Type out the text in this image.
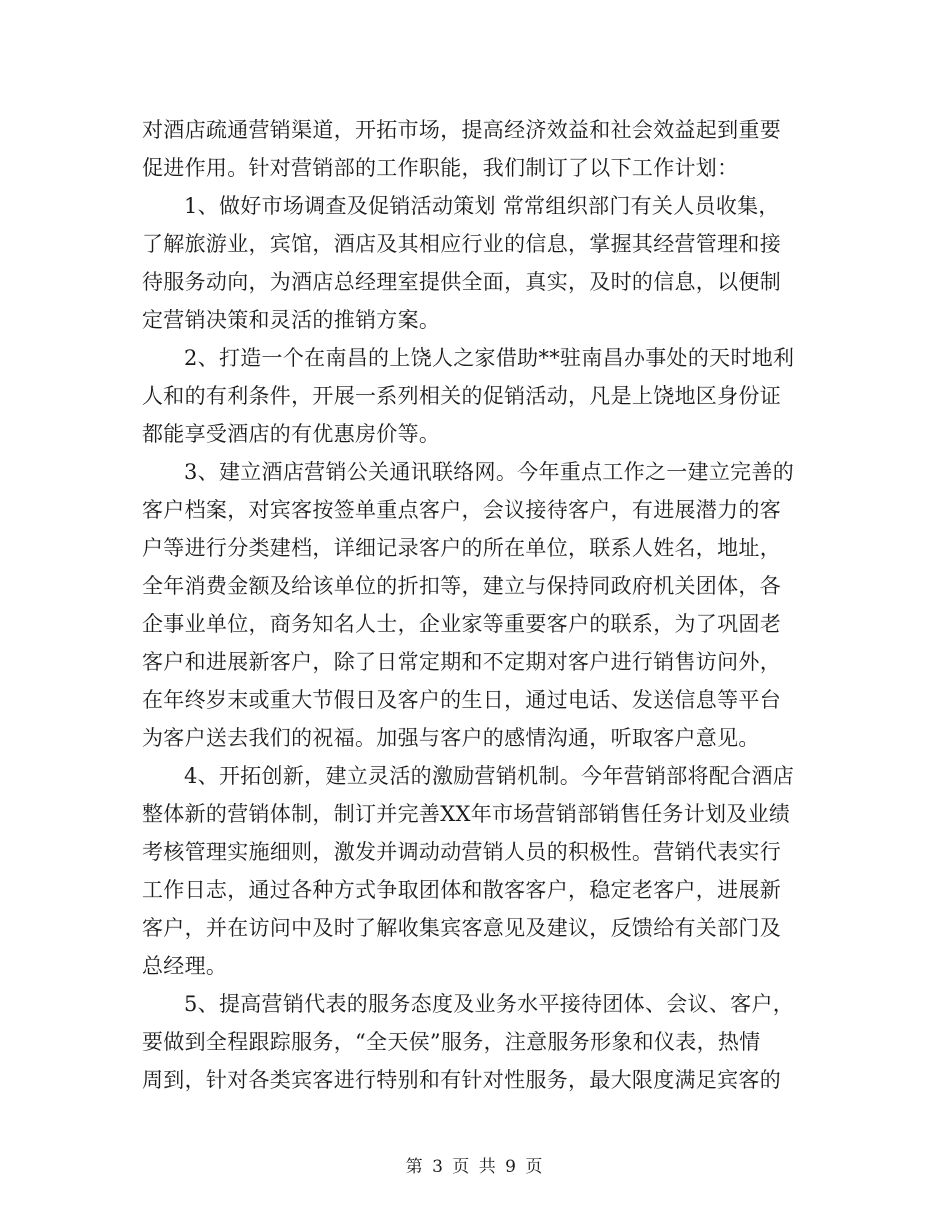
对酒店疏通营销渠道，开拓市场，提高经济效益和社会效益起到重要
促进作用。针对营销部的工作职能，我们制订了以下工作计划：
1、做好市场调查及促销活动策划 常常组织部门有关人员收集，
了解旅游业，宾馆，酒店及其相应行业的信息，掌握其经营管理和接
待服务动向，为酒店总经理室提供全面，真实，及时的信息，以便制
定营销决策和灵活的推销方案。
2、打造一个在南昌的上饶人之家借助**驻南昌办事处的天时地利
人和的有利条件，开展一系列相关的促销活动，凡是上饶地区身份证
都能享受酒店的有优惠房价等。
3、建立酒店营销公关通讯联络网。今年重点工作之一建立完善的
客户档案，对宾客按签单重点客户，会议接待客户，有进展潜力的客
户等进行分类建档，详细记录客户的所在单位，联系人姓名，地址，
全年消费金额及给该单位的折扣等，建立与保持同政府机关团体，各
企事业单位，商务知名人士，企业家等重要客户的联系，为了巩固老
客户和进展新客户，除了日常定期和不定期对客户进行销售访问外，
在年终岁末或重大节假日及客户的生日，通过电话、发送信息等平台
为客户送去我们的祝福。加强与客户的感情沟通，听取客户意见。
4、开拓创新，建立灵活的激励营销机制。今年营销部将配合酒店
整体新的营销体制，制订并完善XX年市场营销部销售任务计划及业绩
考核管理实施细则，激发并调动动营销人员的积极性。营销代表实行
工作日志，通过各种方式争取团体和散客客户，稳定老客户，进展新
客户，并在访问中及时了解收集宾客意见及建议，反馈给有关部门及
总经理。
5、提高营销代表的服务态度及业务水平接待团体、会议、客户，
要做到全程跟踪服务，“全天侯”服务，注意服务形象和仪表，热情
周到，针对各类宾客进行特别和有针对性服务，最大限度满足宾客的
第 3 页 共 9 页
